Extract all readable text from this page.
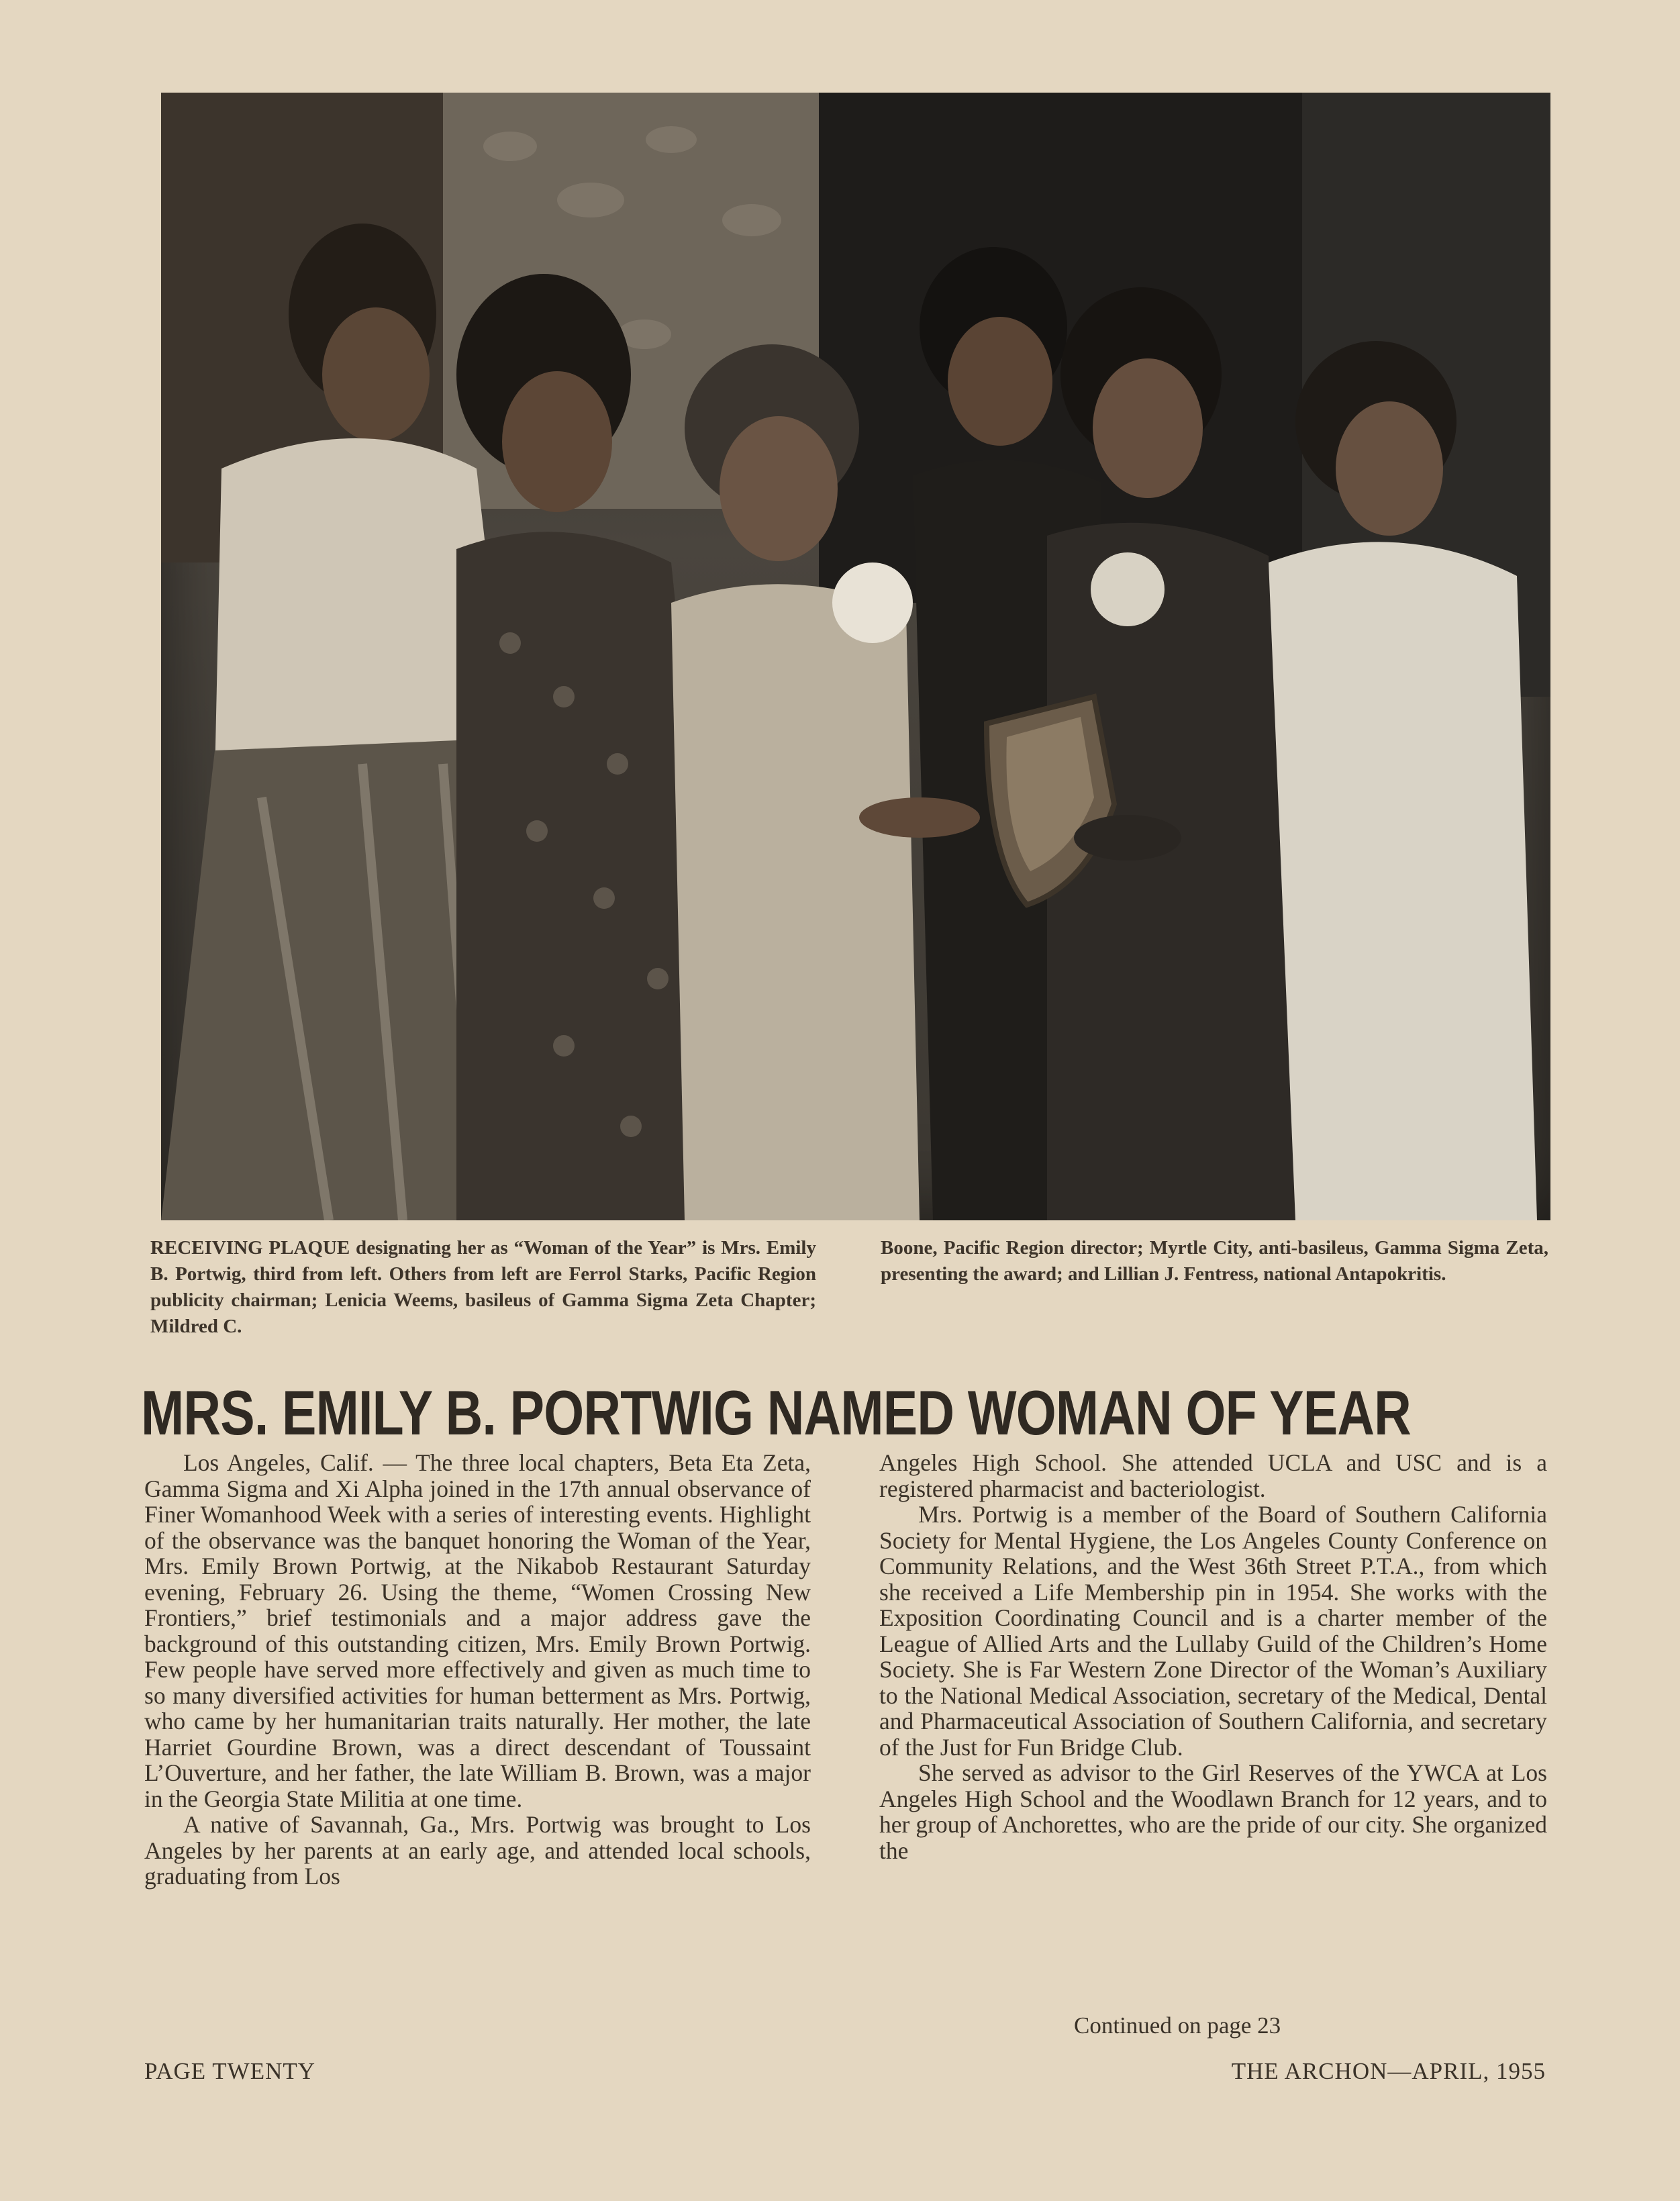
RECEIVING PLAQUE designating her as “Woman of the Year” is Mrs. Emily B. Portwig, third from left. Others from left are Ferrol Starks, Pacific Region publicity chairman; Lenicia Weems, basileus of Gamma Sigma Zeta Chapter; Mildred C.
Boone, Pacific Region director; Myrtle City, anti-basileus, Gamma Sigma Zeta, presenting the award; and Lillian J. Fentress, national Antapokritis.
MRS. EMILY B. PORTWIG NAMED WOMAN OF YEAR

Los Angeles, Calif. — The three local chapters, Beta Eta Zeta, Gamma Sigma and Xi Alpha joined in the 17th annual observance of Finer Womanhood Week with a series of interesting events. Highlight of the observance was the banquet honoring the Woman of the Year, Mrs. Emily Brown Portwig, at the Nikabob Restaurant Saturday evening, February 26. Using the theme, “Women Crossing New Frontiers,” brief testimonials and a major address gave the background of this outstanding citizen, Mrs. Emily Brown Portwig. Few people have served more effectively and given as much time to so many diversified activities for human betterment as Mrs. Portwig, who came by her humanitarian traits naturally. Her mother, the late Harriet Gourdine Brown, was a direct descendant of Toussaint L’Ouverture, and her father, the late William B. Brown, was a major in the Georgia State Militia at one time.

A native of Savannah, Ga., Mrs. Portwig was brought to Los Angeles by her parents at an early age, and attended local schools, graduating from Los

Angeles High School. She attended UCLA and USC and is a registered pharmacist and bacteriologist.

Mrs. Portwig is a member of the Board of Southern California Society for Mental Hygiene, the Los Angeles County Conference on Community Relations, and the West 36th Street P.T.A., from which she received a Life Membership pin in 1954. She works with the Exposition Coordinating Council and is a charter member of the League of Allied Arts and the Lullaby Guild of the Children’s Home Society. She is Far Western Zone Director of the Woman’s Auxiliary to the National Medical Association, secretary of the Medical, Dental and Pharmaceutical Association of Southern California, and secretary of the Just for Fun Bridge Club.

She served as advisor to the Girl Reserves of the YWCA at Los Angeles High School and the Woodlawn Branch for 12 years, and to her group of Anchorettes, who are the pride of our city. She organized the

Continued on page 23
PAGE TWENTY	THE ARCHON—APRIL, 1955
